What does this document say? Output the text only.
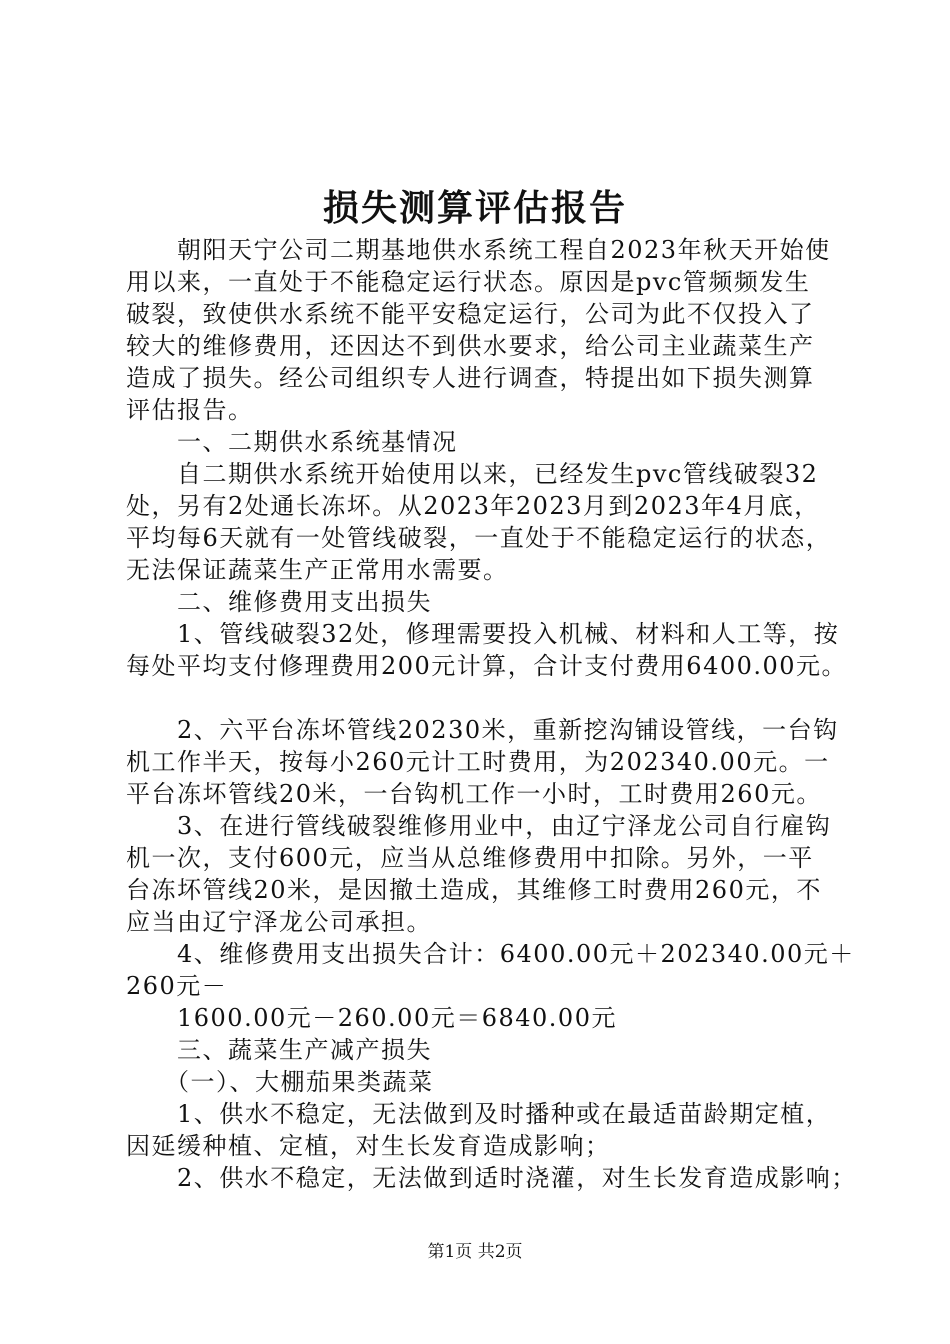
损失测算评估报告

　　朝阳天宁公司二期基地供水系统工程自2023年秋天开始使

用以来，一直处于不能稳定运行状态。原因是pvc管频频发生

破裂，致使供水系统不能平安稳定运行，公司为此不仅投入了

较大的维修费用，还因达不到供水要求，给公司主业蔬菜生产

造成了损失。经公司组织专人进行调查，特提出如下损失测算

评估报告。

　　一、二期供水系统基情况

　　自二期供水系统开始使用以来，已经发生pvc管线破裂32

处，另有2处通长冻坏。从2023年2023月到2023年4月底，

平均每6天就有一处管线破裂，一直处于不能稳定运行的状态，

无法保证蔬菜生产正常用水需要。

　　二、维修费用支出损失

　　1、管线破裂32处，修理需要投入机械、材料和人工等，按

每处平均支付修理费用200元计算，合计支付费用6400.00元。

　　2、六平台冻坏管线20230米，重新挖沟铺设管线，一台钩

机工作半天，按每小260元计工时费用，为202340.00元。一

平台冻坏管线20米，一台钩机工作一小时，工时费用260元。

　　3、在进行管线破裂维修用业中，由辽宁泽龙公司自行雇钩

机一次，支付600元，应当从总维修费用中扣除。另外，一平

台冻坏管线20米，是因撤土造成，其维修工时费用260元，不

应当由辽宁泽龙公司承担。

　　4、维修费用支出损失合计：6400.00元＋202340.00元＋

260元－

　　1600.00元－260.00元＝6840.00元

　　三、蔬菜生产减产损失

　　（一）、大棚茄果类蔬菜

　　1、供水不稳定，无法做到及时播种或在最适苗龄期定植，

因延缓种植、定植，对生长发育造成影响；

　　2、供水不稳定，无法做到适时浇灌，对生长发育造成影响；

第1页 共2页
